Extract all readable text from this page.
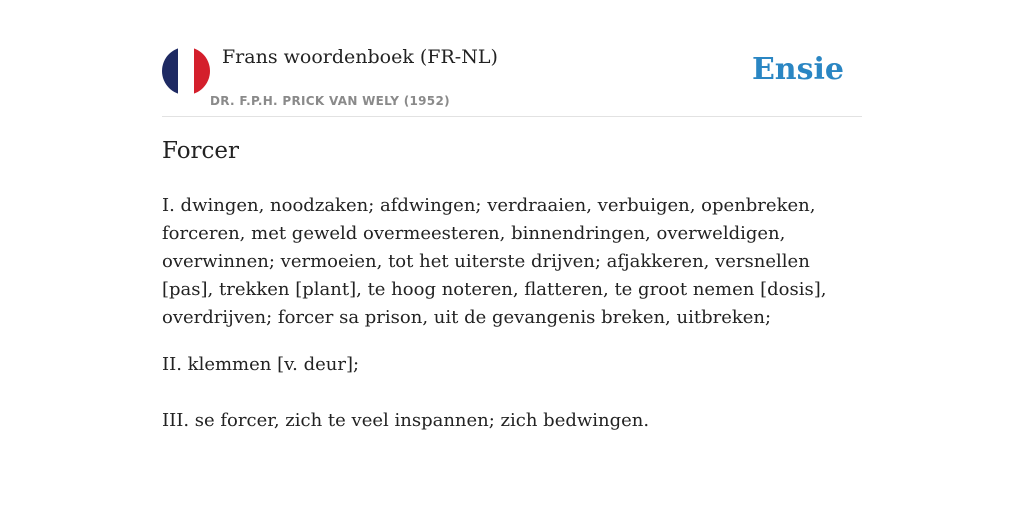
Frans woordenboek (FR-NL)
DR. F.P.H. PRICK VAN WELY (1952)
Ensie
Forcer

I. dwingen, noodzaken; afdwingen; verdraaien, verbuigen, openbreken, forceren, met geweld overmeesteren, binnendringen, overweldigen, overwinnen; vermoeien, tot het uiterste drijven; afjakkeren, versnellen [pas], trekken [plant], te hoog noteren, flatteren, te groot nemen [dosis], overdrijven; forcer sa prison, uit de gevangenis breken, uitbreken;

II. klemmen [v. deur];

III. se forcer, zich te veel inspannen; zich bedwingen.
